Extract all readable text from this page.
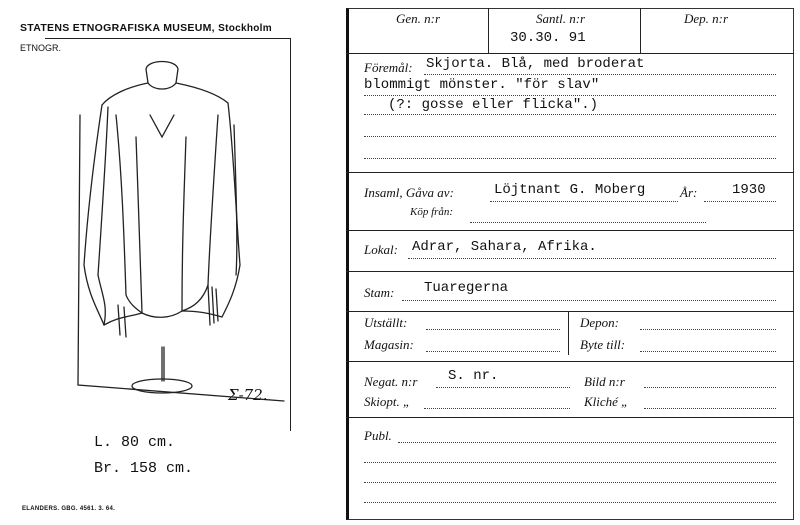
STATENS ETNOGRAFISKA MUSEUM, Stockholm
ETNOGR.
Σ-72.
L. 80 cm.
Br. 158 cm.
ELANDERS. GBG. 4561. 3. 64.
Gen. n:r	Santl. n:r	Dep. n:r
30.30. 91
Föremål: Skjorta. Blå, med broderat
blommigt mönster. "för slav"
(?: gosse eller flicka".)
Insaml, Gåva av:	Löjtnant G. Moberg	År: 1930
Köp från:
Lokal: Adrar, Sahara, Afrika.
Stam: Tuaregerna
Utställt:	Depon:
Magasin:	Byte till:
Negat. n:r S. nr.	Bild n:r
Skiopt. „	Kliché „
Publ.
